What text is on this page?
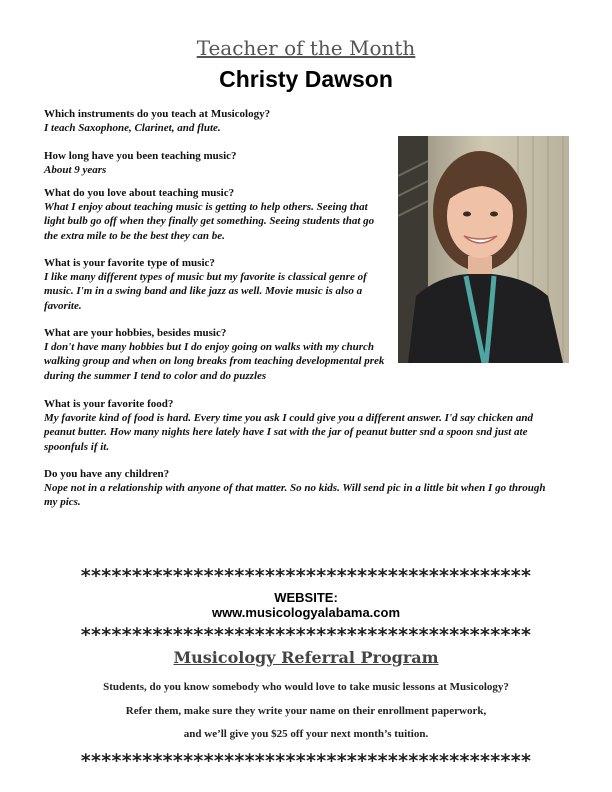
Teacher of the Month
Christy Dawson
Which instruments do you teach at Musicology?
I teach Saxophone, Clarinet, and flute.
How long have you been teaching music?
About 9 years
What do you love about teaching music?
What I enjoy about teaching music is getting to help others. Seeing that light bulb go off when they finally get something. Seeing students that go the extra mile to be the best they can be.
What is your favorite type of music?
I like many different types of music but my favorite is classical genre of music. I'm in a swing band and like jazz as well. Movie music is also a favorite.
What are your hobbies, besides music?
I don't have many hobbies but I do enjoy going on walks with my church walking group and when on long breaks from teaching developmental prek during the summer I tend to color and do puzzles
What is your favorite food?
My favorite kind of food is hard. Every time you ask I could give you a different answer. I'd say chicken and peanut butter. How many nights here lately have I sat with the jar of peanut butter snd a spoon snd just ate spoonfuls if it.
Do you have any children?
Nope not in a relationship with anyone of that matter. So no kids. Will send pic in a little bit when I go through my pics.
********************************************
WEBSITE:
www.musicologyalabama.com
********************************************
Musicology Referral Program
Students, do you know somebody who would love to take music lessons at Musicology?
Refer them, make sure they write your name on their enrollment paperwork,
and we’ll give you $25 off your next month’s tuition.
********************************************
